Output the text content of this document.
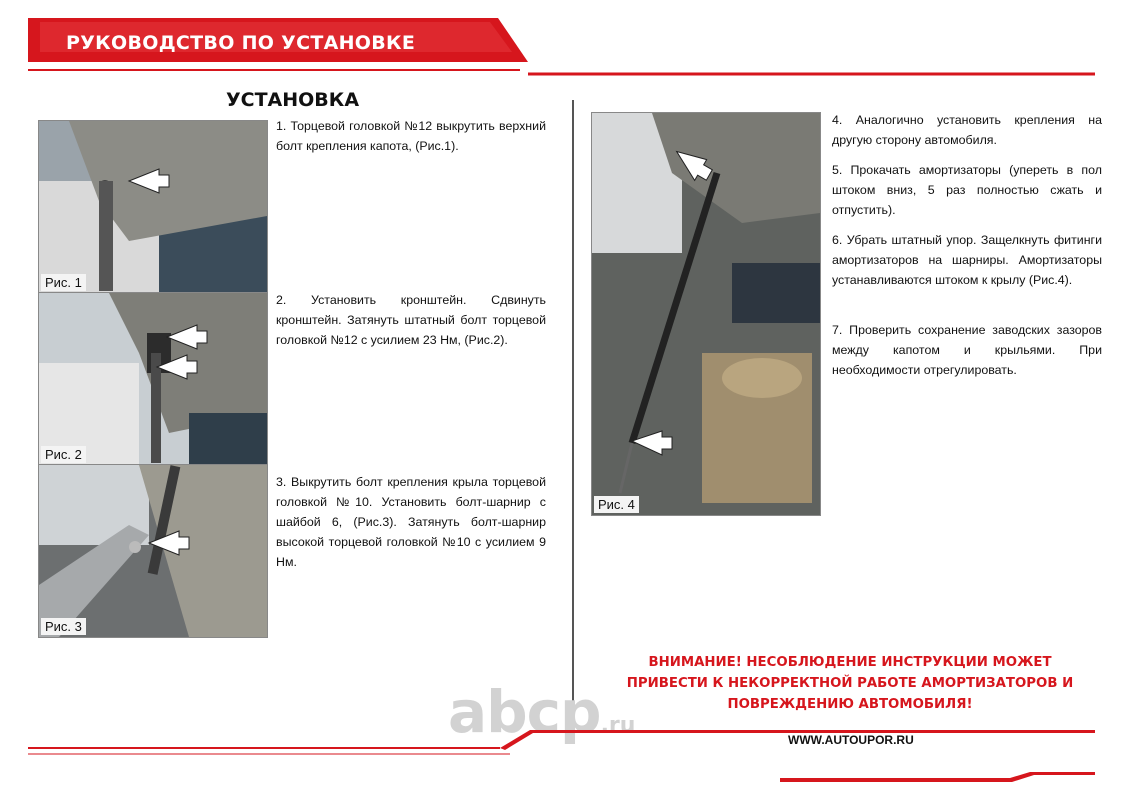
РУКОВОДСТВО ПО УСТАНОВКЕ
УСТАНОВКА
Рис. 1
Рис. 2
Рис. 3
Рис. 4
1. Торцевой головкой №12 выкрутить верхний болт крепления капота, (Рис.1).
2. Установить кронштейн. Сдвинуть кронштейн. Затянуть штатный болт торцевой головкой №12 с усилием 23 Нм, (Рис.2).
3. Выкрутить болт крепления крыла торцевой головкой №10. Установить болт-шарнир с шайбой 6, (Рис.3). Затянуть болт-шарнир высокой торцевой головкой №10 с усилием 9 Нм.
4. Аналогично установить крепления на другую сторону автомобиля.
5. Прокачать амортизаторы (упереть в пол штоком вниз, 5 раз полностью сжать и отпустить).
6. Убрать штатный упор. Защелкнуть фитинги амортизаторов на шарниры. Амортизаторы устанавливаются штоком к крылу (Рис.4).
7. Проверить сохранение заводских зазоров между капотом и крыльями. При необходимости отрегулировать.
ВНИМАНИЕ! НЕСОБЛЮДЕНИЕ ИНСТРУКЦИИ МОЖЕТ ПРИВЕСТИ К НЕКОРРЕКТНОЙ РАБОТЕ АМОРТИЗАТОРОВ И ПОВРЕЖДЕНИЮ АВТОМОБИЛЯ!
abcp.ru
WWW.AUTOUPOR.RU
